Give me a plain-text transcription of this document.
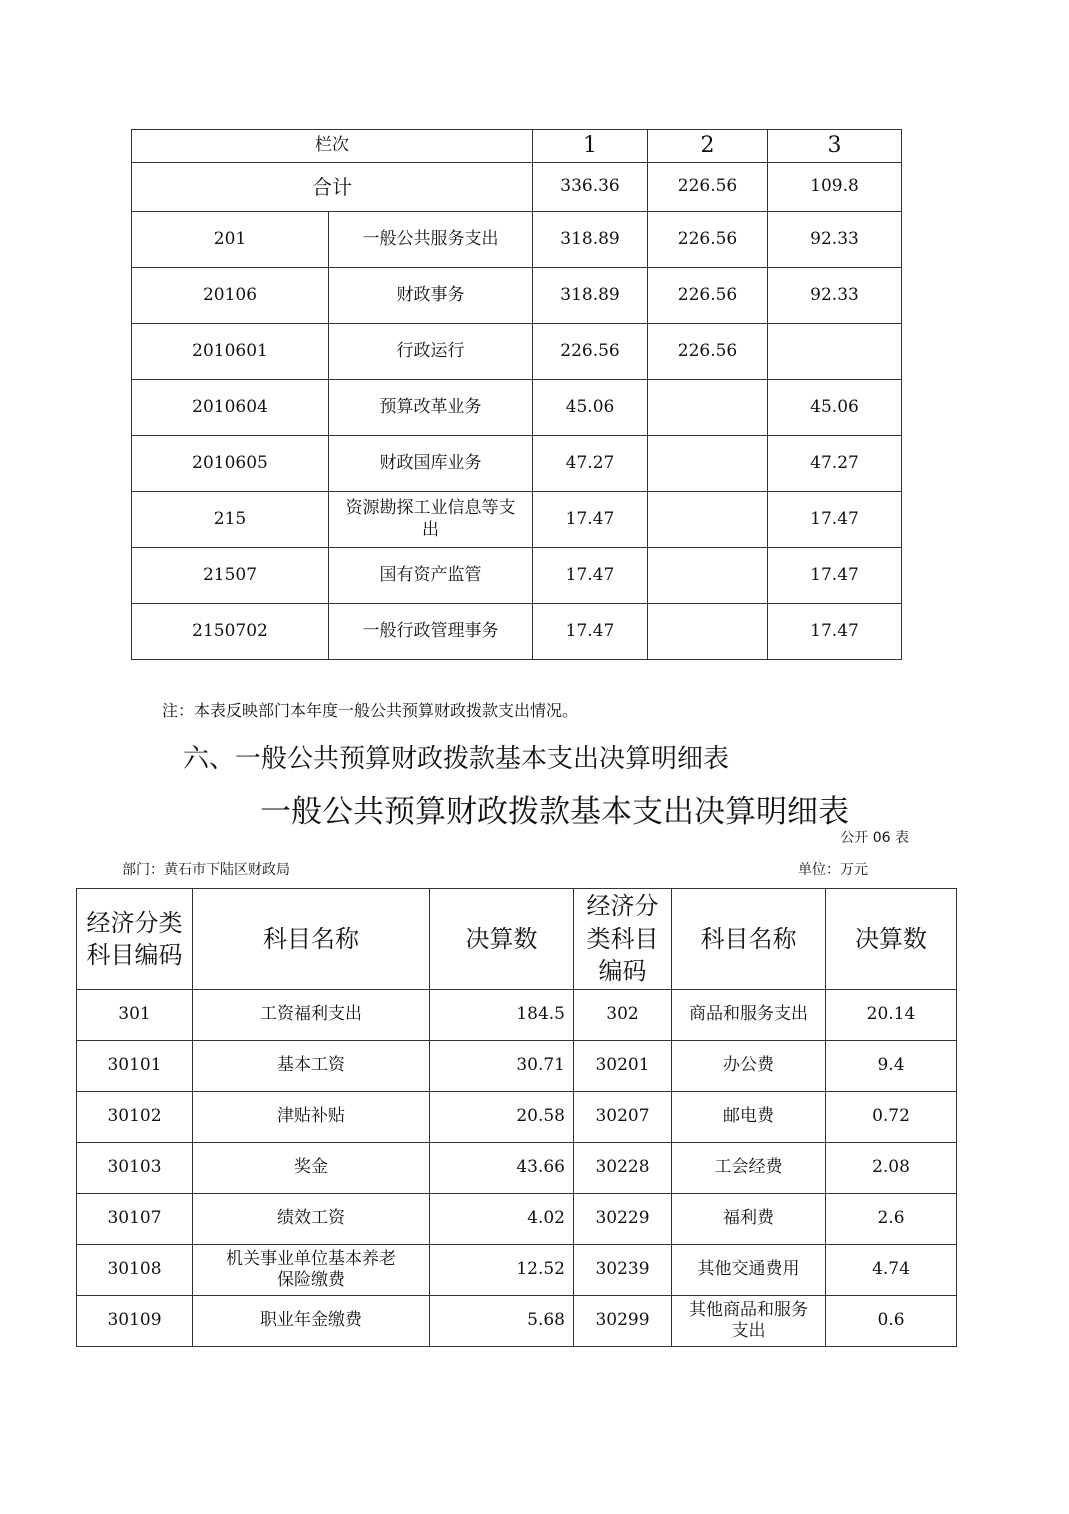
栏次		1	2	3
合计		336.36	226.56	109.8
201	一般公共服务支出	318.89	226.56	92.33
20106	财政事务	318.89	226.56	92.33
2010601	行政运行	226.56	226.56	
2010604	预算改革业务	45.06		45.06
2010605	财政国库业务	47.27		47.27
215	资源勘探工业信息等支出	17.47		17.47
21507	国有资产监管	17.47		17.47
2150702	一般行政管理事务	17.47		17.47
注：本表反映部门本年度一般公共预算财政拨款支出情况。
六、一般公共预算财政拨款基本支出决算明细表
一般公共预算财政拨款基本支出决算明细表
公开 06 表
部门：黄石市下陆区财政局	单位：万元
经济分类科目编码	科目名称	决算数	经济分类科目编码	科目名称	决算数
301	工资福利支出	184.5	302	商品和服务支出	20.14
30101	基本工资	30.71	30201	办公费	9.4
30102	津贴补贴	20.58	30207	邮电费	0.72
30103	奖金	43.66	30228	工会经费	2.08
30107	绩效工资	4.02	30229	福利费	2.6
30108	机关事业单位基本养老保险缴费	12.52	30239	其他交通费用	4.74
30109	职业年金缴费	5.68	30299	其他商品和服务支出	0.6
